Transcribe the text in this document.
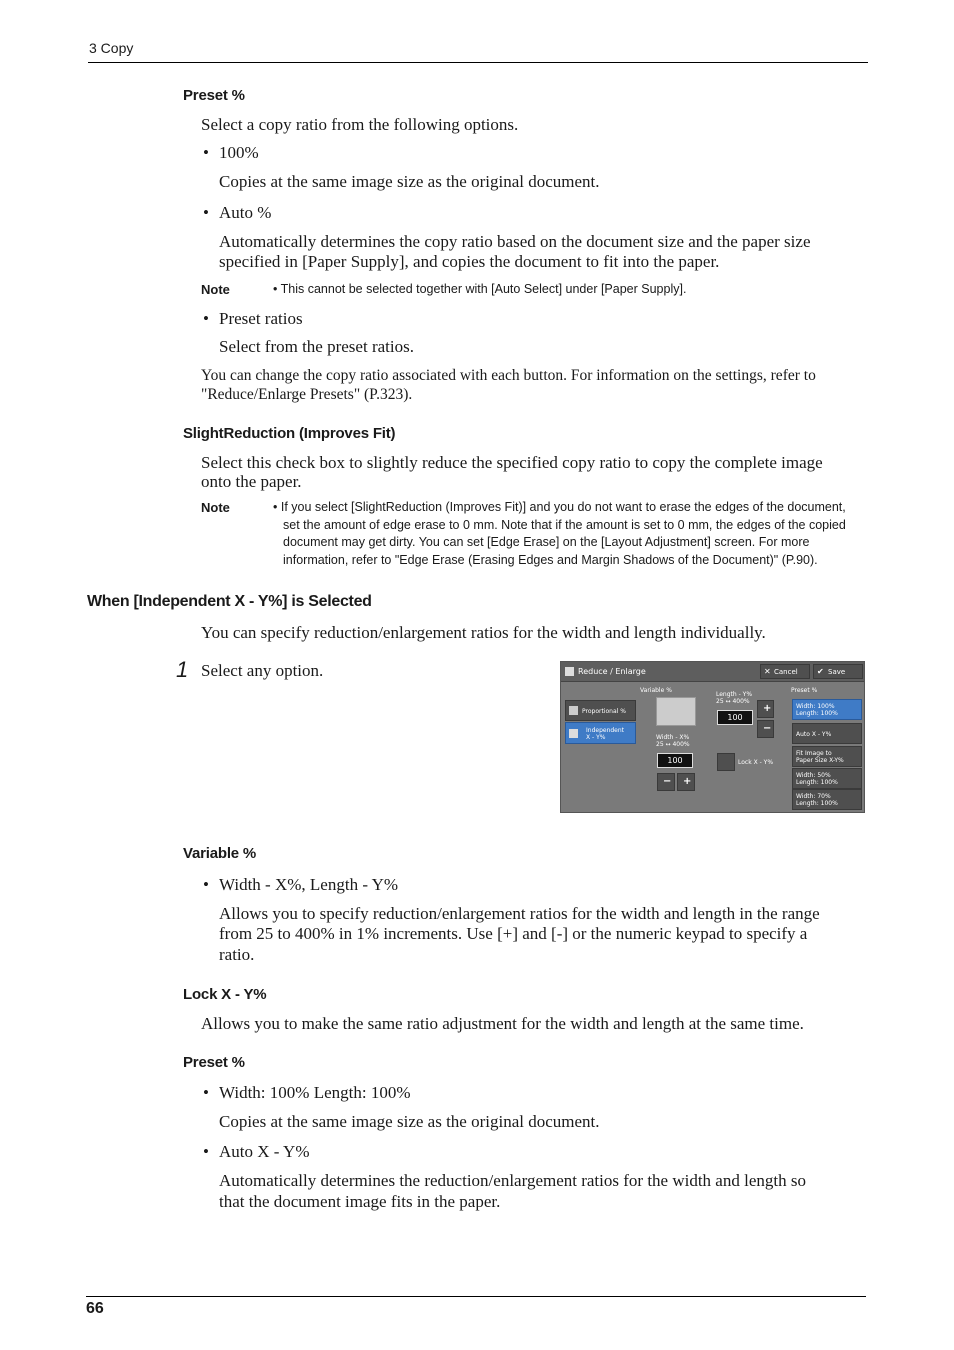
3 Copy
Preset %
Select a copy ratio from the following options.
• 100%
Copies at the same image size as the original document.
• Auto %
Automatically determines the copy ratio based on the document size and the paper size
specified in [Paper Supply], and copies the document to fit into the paper.
Note	• This cannot be selected together with [Auto Select] under [Paper Supply].
• Preset ratios
Select from the preset ratios.
You can change the copy ratio associated with each button. For information on the settings, refer to
"Reduce/Enlarge Presets" (P.323).
SlightReduction (Improves Fit)
Select this check box to slightly reduce the specified copy ratio to copy the complete image
onto the paper.
Note	• If you select [SlightReduction (Improves Fit)] and you do not want to erase the edges of the document,
set the amount of edge erase to 0 mm. Note that if the amount is set to 0 mm, the edges of the copied
document may get dirty. You can set [Edge Erase] on the [Layout Adjustment] screen. For more
information, refer to "Edge Erase (Erasing Edges and Margin Shadows of the Document)" (P.90).
When [Independent X - Y%] is Selected
You can specify reduction/enlargement ratios for the width and length individually.
1 Select any option.	Reduce / Enlarge	✕ Cancel ✔ Save
Proportional %
Independent
X - Y%
Variable %
Width - X%
25 ↔ 400%
100
− +
Length - Y%
25 ↔ 400%
100
+
−
Lock X - Y%
Preset %
Width: 100%
Length: 100%
Auto X - Y%
Fit Image to
Paper Size X-Y%
Width: 50%
Length: 100%
Width: 70%
Length: 100%
Variable %
• Width - X%, Length - Y%
Allows you to specify reduction/enlargement ratios for the width and length in the range
from 25 to 400% in 1% increments. Use [+] and [-] or the numeric keypad to specify a
ratio.
Lock X - Y%
Allows you to make the same ratio adjustment for the width and length at the same time.
Preset %
• Width: 100% Length: 100%
Copies at the same image size as the original document.
• Auto X - Y%
Automatically determines the reduction/enlargement ratios for the width and length so
that the document image fits in the paper.
66
